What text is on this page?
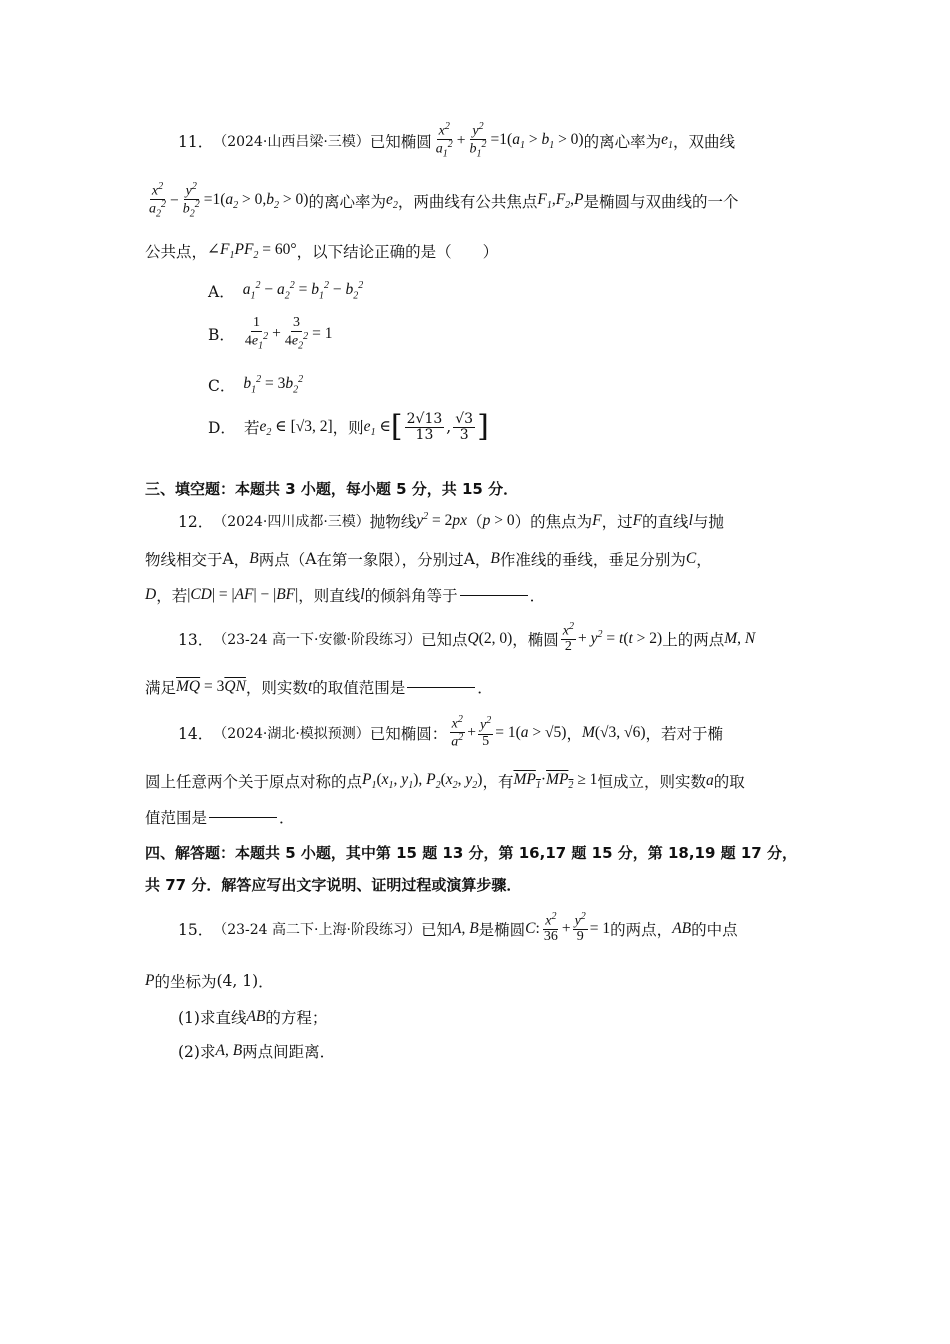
11． （2024·山西吕梁·三模） 已知椭圆 $\frac{x^2}{a_1^2} + \frac{y^2}{b_1^2} =1(a_1 > b_1 > 0)$ 的离心率为 $e_1$ ，双曲线
$\frac{x^2}{a_2^2} - \frac{y^2}{b_2^2} =1(a_2 > 0,b_2 > 0)$ 的离心率为 $e_2$ ，两曲线有公共焦点 $F_1,F_2,P$ 是椭圆与双曲线的一个
公共点， $\angle F_1PF_2 = 60^\circ$ ，以下结论正确的是（　　）
A． $a_1^2 - a_2^2 = b_1^2 - b_2^2$
B． $\frac{1}{4e_1^2} + \frac{3}{4e_2^2} = 1$
C． $b_1^2 = 3b_2^2$
D． 若 $e_2$ ∈ [√3, 2] ，则 $e_1$ ∈ [ $\frac{2√13}{13}$ , $\frac{√3}{3}$ ]
三、填空题：本题共 3 小题，每小题 5 分，共 15 分．
12． （2024·四川成都·三模） 抛物线 $y^2 = 2px$ （ p > 0 ）的焦点为 F ，过 F 的直线 l 与抛
物线相交于 A ， B 两点（ A 在第一象限），分别过 A ， B 作准线的垂线，垂足分别为 C ，
D ，若 |CD| = |AF| − |BF| ，则直线 l 的倾斜角等于	．
13． （23-24 高一下·安徽·阶段练习） 已知点 Q(2, 0) ，椭圆 $\frac{x^2}{2} + y^2 = t(t > 2)$ 上的两点 M, N
满足 $\overline{MQ} = 3\overline{QN}$ ，则实数 t 的取值范围是	．
14． （2024·湖北·模拟预测） 已知椭圆： $\frac{x^2}{a^2} + \frac{y^2}{5} = 1(a > √5)$ ， M(√3, √6) ，若对于椭
圆上任意两个关于原点对称的点 $P_1(x_1$, $y_1$), $P_2(x_2$, $y_2$) ，有 $MP_1\cdot MP_2 \ge 1$ 恒成立，则实数 a 的取
值范围是	．
四、解答题：本题共 5 小题，其中第 15 题 13 分，第 16,17 题 15 分，第 18,19 题 17 分，
共 77 分．解答应写出文字说明、证明过程或演算步骤．
15． （23-24 高二下·上海·阶段练习） 已知 A, B 是椭圆 C: $\frac{x^2}{36} + \frac{y^2}{9} = 1$ 的两点， AB 的中点
P 的坐标为 (4, 1) ．
(1)求直线 AB 的方程；
(2)求 A, B 两点间距离．
